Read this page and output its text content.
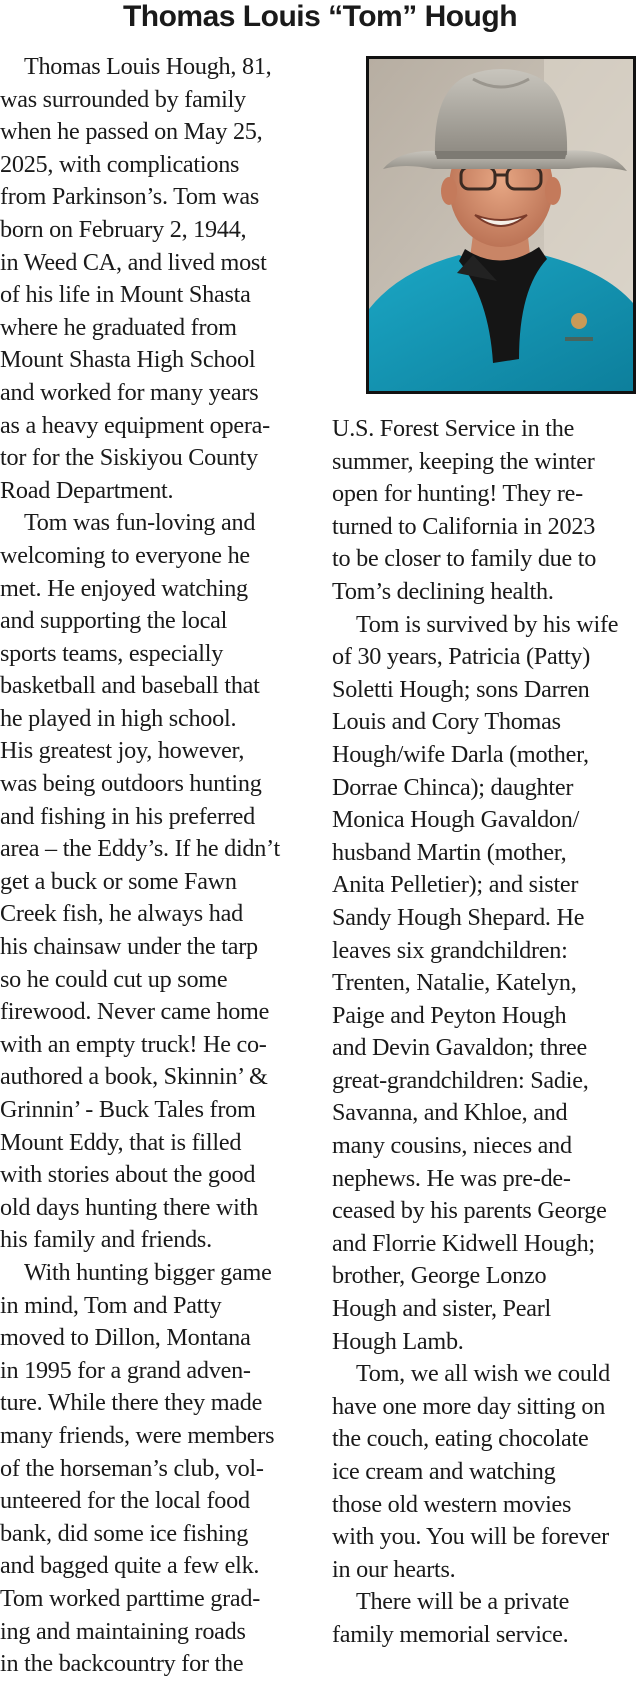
Thomas Louis “Tom” Hough
 Thomas Louis Hough, 81,
was surrounded by family
when he passed on May 25,
2025, with complications
from Parkinson’s. Tom was
born on February 2, 1944,
in Weed CA, and lived most
of his life in Mount Shasta
where he graduated from
Mount Shasta High School
and worked for many years
as a heavy equipment opera-
tor for the Siskiyou County
Road Department.
 Tom was fun-loving and
welcoming to everyone he
met. He enjoyed watching
and supporting the local
sports teams, especially
basketball and baseball that
he played in high school.
His greatest joy, however,
was being outdoors hunting
and fishing in his preferred
area – the Eddy’s. If he didn’t
get a buck or some Fawn
Creek fish, he always had
his chainsaw under the tarp
so he could cut up some
firewood. Never came home
with an empty truck! He co-
authored a book, Skinnin’ &
Grinnin’ - Buck Tales from
Mount Eddy, that is filled
with stories about the good
old days hunting there with
his family and friends.
 With hunting bigger game
in mind, Tom and Patty
moved to Dillon, Montana
in 1995 for a grand adven-
ture. While there they made
many friends, were members
of the horseman’s club, vol-
unteered for the local food
bank, did some ice fishing
and bagged quite a few elk.
Tom worked parttime grad-
ing and maintaining roads
in the backcountry for the
U.S. Forest Service in the
summer, keeping the winter
open for hunting! They re-
turned to California in 2023
to be closer to family due to
Tom’s declining health.
 Tom is survived by his wife
of 30 years, Patricia (Patty)
Soletti Hough; sons Darren
Louis and Cory Thomas
Hough/wife Darla (mother,
Dorrae Chinca); daughter
Monica Hough Gavaldon/
husband Martin (mother,
Anita Pelletier); and sister
Sandy Hough Shepard. He
leaves six grandchildren:
Trenten, Natalie, Katelyn,
Paige and Peyton Hough
and Devin Gavaldon; three
great-grandchildren: Sadie,
Savanna, and Khloe, and
many cousins, nieces and
nephews. He was pre-de-
ceased by his parents George
and Florrie Kidwell Hough;
brother, George Lonzo
Hough and sister, Pearl
Hough Lamb.
 Tom, we all wish we could
have one more day sitting on
the couch, eating chocolate
ice cream and watching
those old western movies
with you. You will be forever
in our hearts.
 There will be a private
family memorial service.
